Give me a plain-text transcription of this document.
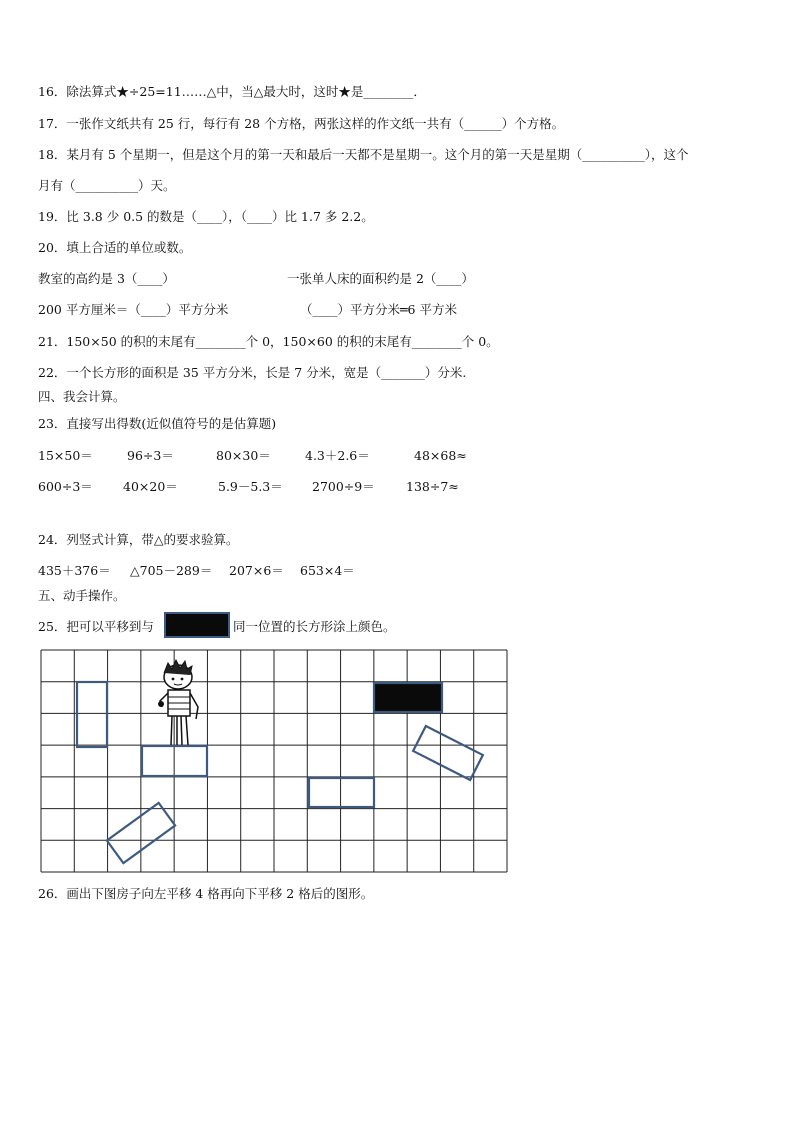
16．除法算式★÷25=11……△中，当△最大时，这时★是________．
17．一张作文纸共有 25 行，每行有 28 个方格，两张这样的作文纸一共有（______）个方格。
18．某月有 5 个星期一，但是这个月的第一天和最后一天都不是星期一。这个月的第一天是星期（__________），这个
月有（__________）天。
19．比 3.8 少 0.5 的数是（____），（____）比 1.7 多 2.2。
20．填上合适的单位或数。
教室的高约是 3（____）	一张单人床的面积约是 2（____）
200 平方厘米＝（____）平方分米	（____）平方分米═6 平方米
21．150×50 的积的末尾有________个 0，150×60 的积的末尾有________个 0。
22．一个长方形的面积是 35 平方分米，长是 7 分米，宽是（_______）分米.
四、我会计算。
23．直接写出得数(近似值符号的是估算题)
15×50＝	96÷3＝	80×30＝	4.3＋2.6＝	48×68≈
600÷3＝ 40×20＝	5.9－5.3＝ 2700÷9＝	138÷7≈
24．列竖式计算，带△的要求验算。
435＋376＝ △705－289＝ 207×6＝ 653×4＝
五、动手操作。
25．把可以平移到与	同一位置的长方形涂上颜色。
26．画出下图房子向左平移 4 格再向下平移 2 格后的图形。
